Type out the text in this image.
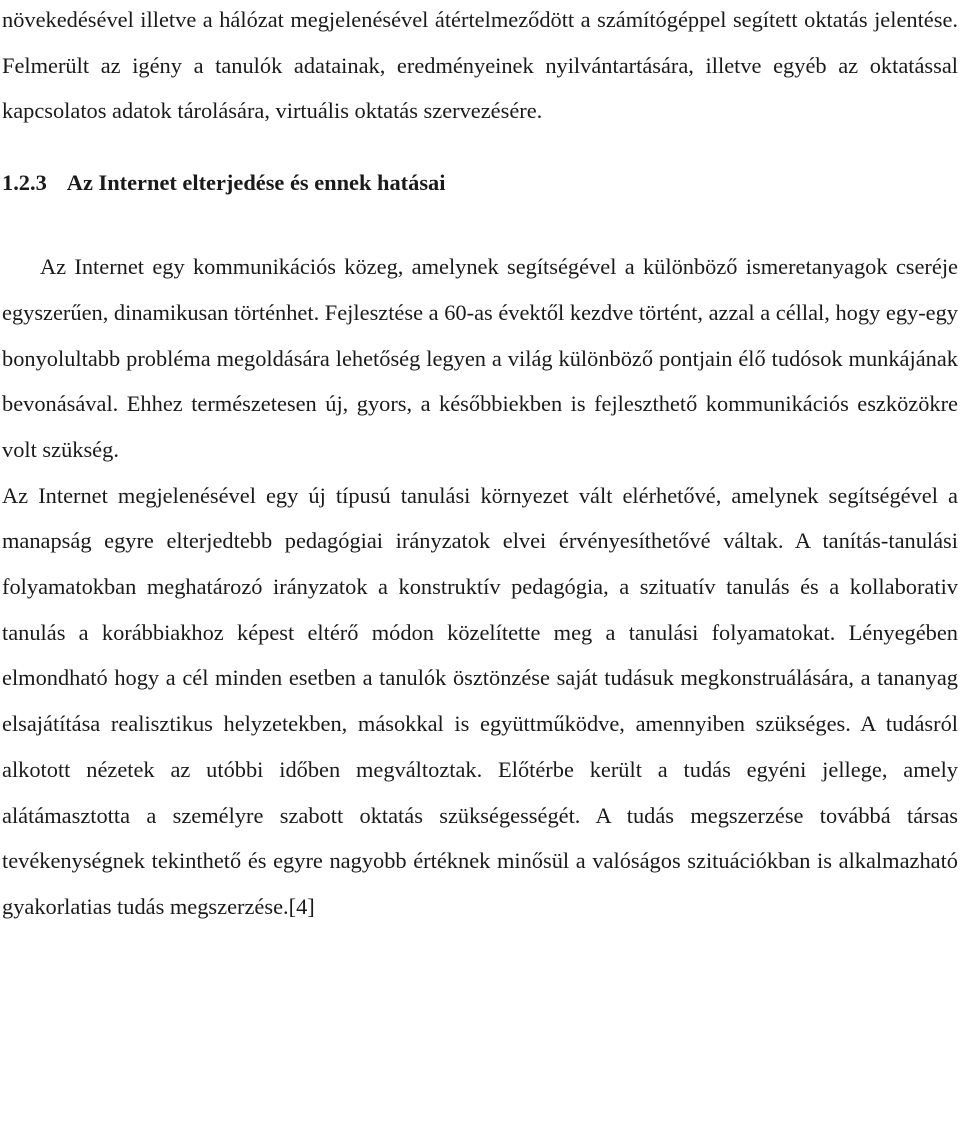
növekedésével illetve a hálózat megjelenésével átértelmeződött a számítógéppel segített oktatás jelentése. Felmerült az igény a tanulók adatainak, eredményeinek nyilvántartására, illetve egyéb az oktatással kapcsolatos adatok tárolására, virtuális oktatás szervezésére.

1.2.3 Az Internet elterjedése és ennek hatásai

Az Internet egy kommunikációs közeg, amelynek segítségével a különböző ismeretanyagok cseréje egyszerűen, dinamikusan történhet. Fejlesztése a 60-as évektől kezdve történt, azzal a céllal, hogy egy-egy bonyolultabb probléma megoldására lehetőség legyen a világ különböző pontjain élő tudósok munkájának bevonásával. Ehhez természetesen új, gyors, a későbbiekben is fejleszthető kommunikációs eszközökre volt szükség.

Az Internet megjelenésével egy új típusú tanulási környezet vált elérhetővé, amelynek segítségével a manapság egyre elterjedtebb pedagógiai irányzatok elvei érvényesíthetővé váltak. A tanítás-tanulási folyamatokban meghatározó irányzatok a konstruktív pedagógia, a szituatív tanulás és a kollaborativ tanulás a korábbiakhoz képest eltérő módon közelítette meg a tanulási folyamatokat. Lényegében elmondható hogy a cél minden esetben a tanulók ösztönzése saját tudásuk megkonstruálására, a tananyag elsajátítása realisztikus helyzetekben, másokkal is együttműködve, amennyiben szükséges. A tudásról alkotott nézetek az utóbbi időben megváltoztak. Előtérbe került a tudás egyéni jellege, amely alátámasztotta a személyre szabott oktatás szükségességét. A tudás megszerzése továbbá társas tevékenységnek tekinthető és egyre nagyobb értéknek minősül a valóságos szituációkban is alkalmazható gyakorlatias tudás megszerzése.[4]
